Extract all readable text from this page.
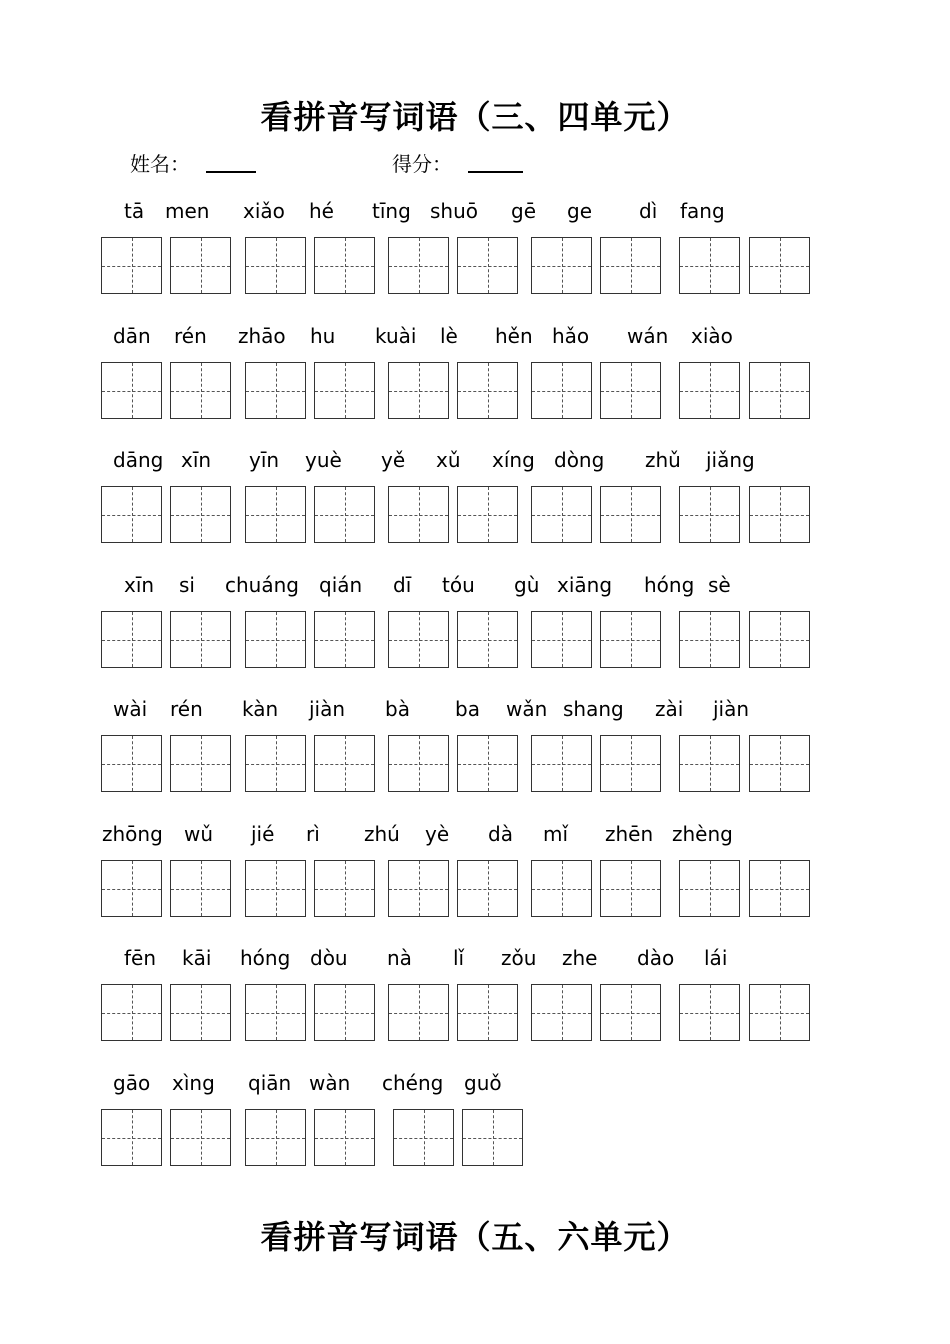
看拼音写词语（三、四单元）
姓名：	得分：
tā men xiǎo hé tīng shuō gē ge dì fang
dān rén zhāo hu kuài lè hěn hǎo wán xiào
dāng xīn yīn yuè yě xǔ xíng dòng zhǔ jiǎng
xīn si chuáng qián dī tóu gù xiāng hóng sè
wài rén kàn jiàn bà ba wǎn shang zài jiàn
zhōng wǔ jié rì zhú yè dà mǐ zhēn zhèng
fēn kāi hóng dòu nà lǐ zǒu zhe dào lái
gāo xìng qiān wàn chéng guǒ
看拼音写词语（五、六单元）
